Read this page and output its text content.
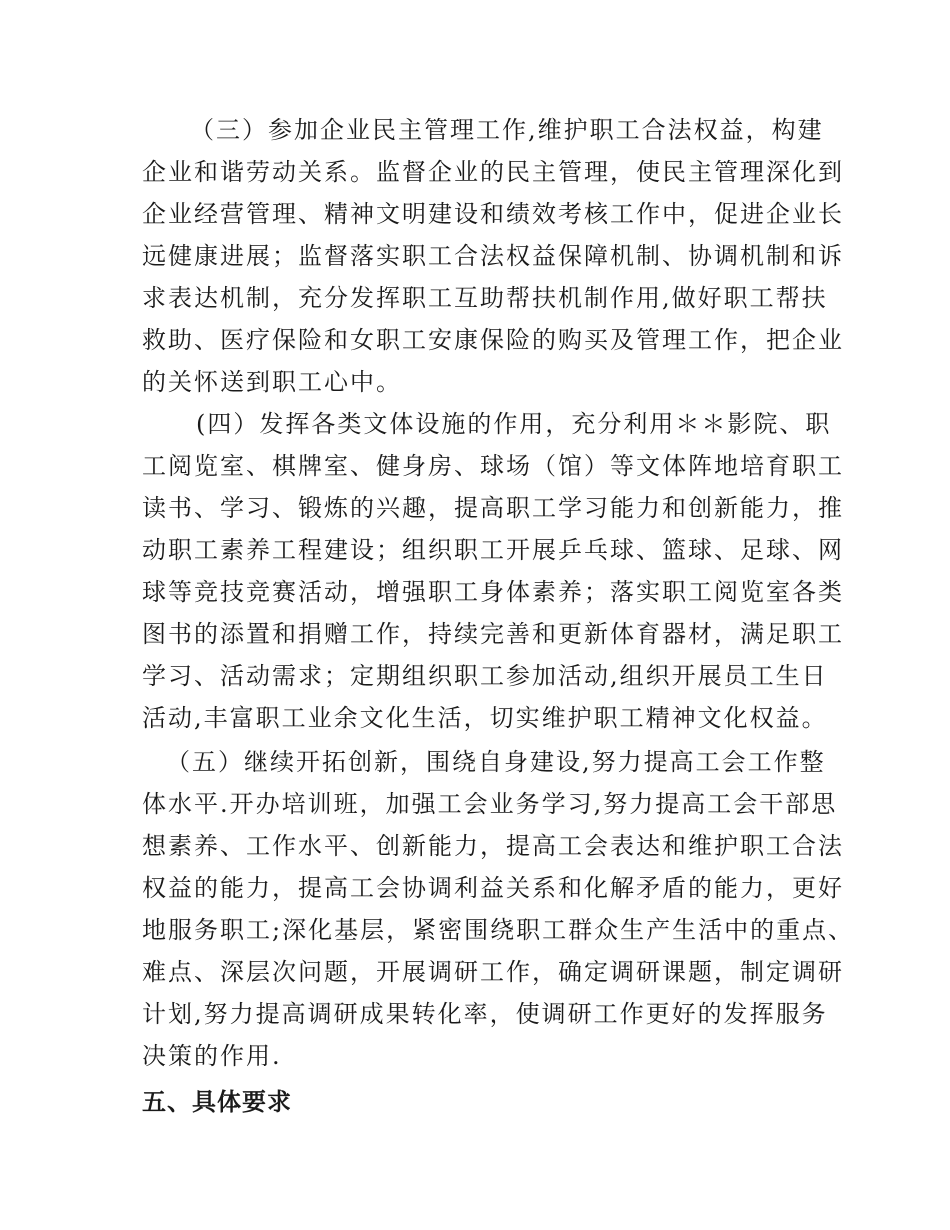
（三）参加企业民主管理工作,维护职工合法权益，构建
企业和谐劳动关系。监督企业的民主管理，使民主管理深化到
企业经营管理、精神文明建设和绩效考核工作中，促进企业长
远健康进展；监督落实职工合法权益保障机制、协调机制和诉
求表达机制，充分发挥职工互助帮扶机制作用,做好职工帮扶
救助、医疗保险和女职工安康保险的购买及管理工作，把企业
的关怀送到职工心中。
(四）发挥各类文体设施的作用，充分利用＊＊影院、职
工阅览室、棋牌室、健身房、球场（馆）等文体阵地培育职工
读书、学习、锻炼的兴趣，提高职工学习能力和创新能力，推
动职工素养工程建设；组织职工开展乒乓球、篮球、足球、网
球等竞技竞赛活动，增强职工身体素养；落实职工阅览室各类
图书的添置和捐赠工作，持续完善和更新体育器材，满足职工
学习、活动需求；定期组织职工参加活动,组织开展员工生日
活动,丰富职工业余文化生活，切实维护职工精神文化权益。
（五）继续开拓创新，围绕自身建设,努力提高工会工作整
体水平.开办培训班，加强工会业务学习,努力提高工会干部思
想素养、工作水平、创新能力，提高工会表达和维护职工合法
权益的能力，提高工会协调利益关系和化解矛盾的能力，更好
地服务职工;深化基层，紧密围绕职工群众生产生活中的重点、
难点、深层次问题，开展调研工作，确定调研课题，制定调研
计划,努力提高调研成果转化率，使调研工作更好的发挥服务
决策的作用.
五、具体要求
